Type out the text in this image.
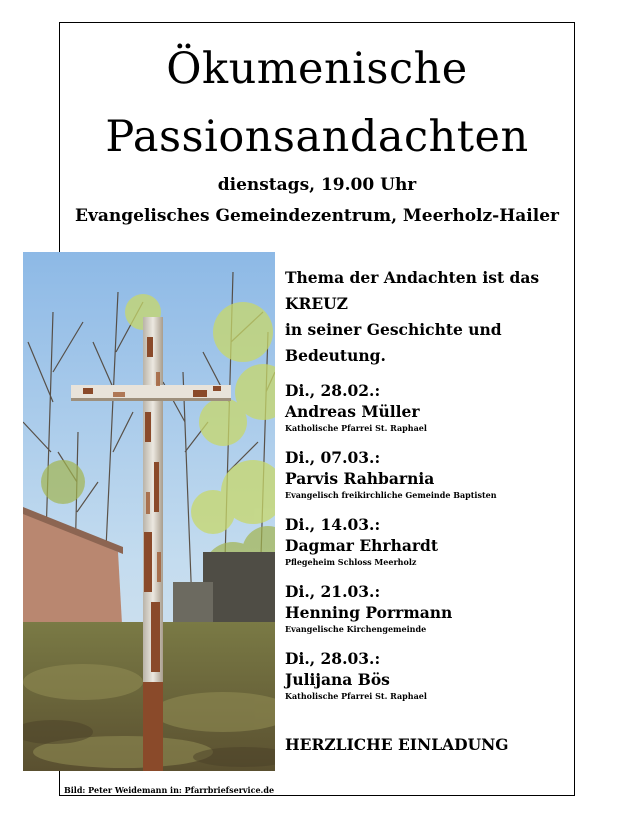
Ökumenische
Passionsandachten
dienstags, 19.00 Uhr
Evangelisches Gemeindezentrum, Meerholz-Hailer
Thema der Andachten ist das
KREUZ
in seiner Geschichte und
Bedeutung.
Di., 28.02.:
Andreas Müller
Katholische Pfarrei St. Raphael
Di., 07.03.:
Parvis Rahbarnia
Evangelisch freikirchliche Gemeinde Baptisten
Di., 14.03.:
Dagmar Ehrhardt
Pflegeheim Schloss Meerholz
Di., 21.03.:
Henning Porrmann
Evangelische Kirchengemeinde
Di., 28.03.:
Julijana Bös
Katholische Pfarrei St. Raphael
HERZLICHE EINLADUNG
Bild: Peter Weidemann in: Pfarrbriefservice.de
